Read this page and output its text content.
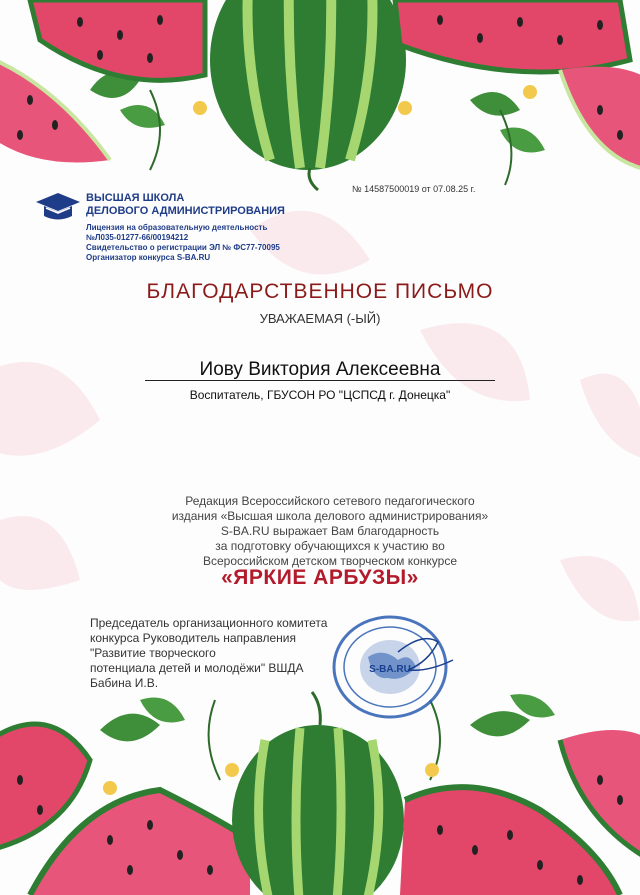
ВЫСШАЯ ШКОЛА
ДЕЛОВОГО АДМИНИСТРИРОВАНИЯ
Лицензия на образовательную деятельность
№Л035-01277-66/00194212
Свидетельство о регистрации ЭЛ № ФС77-70095
Организатор конкурса S-BA.RU
№ 14587500019 от 07.08.25 г.
БЛАГОДАРСТВЕННОЕ ПИСЬМО
УВАЖАЕМАЯ (-ЫЙ)
Иову Виктория Алексеевна
Воспитатель, ГБУСОН РО "ЦСПСД г. Донецка"
Редакция Всероссийского сетевого педагогического
издания «Высшая школа делового администрирования»
S-BA.RU выражает Вам благодарность
за подготовку обучающихся к участию во
Всероссийском детском творческом конкурсе
«ЯРКИЕ АРБУЗЫ»
Председатель организационного комитета
конкурса Руководитель направления
"Развитие творческого
потенциала детей и молодёжи" ВШДА
Бабина И.В.
S-BA.RU
